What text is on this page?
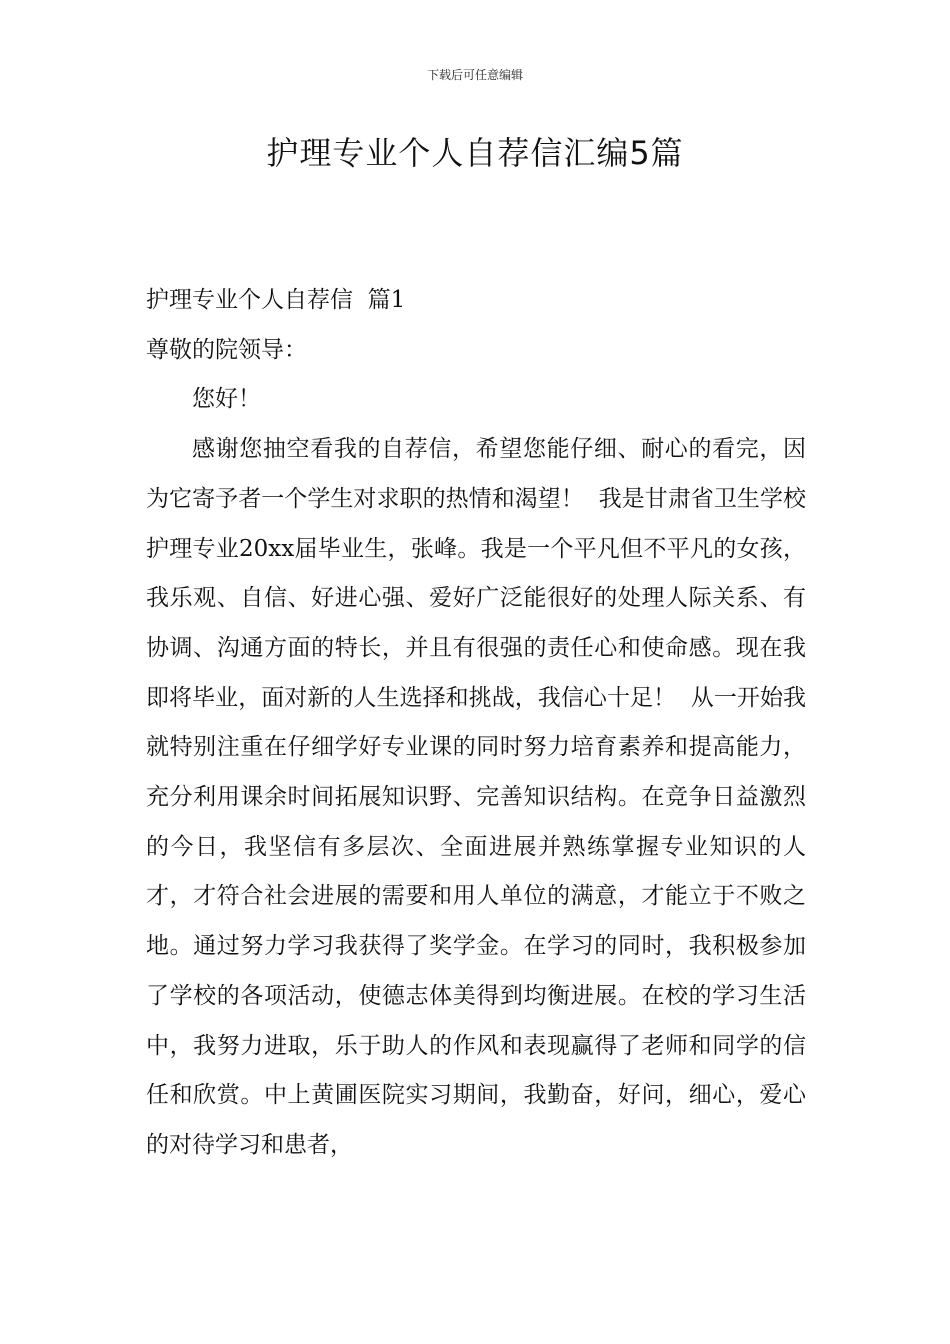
下载后可任意编辑
护理专业个人自荐信汇编5篇

护理专业个人自荐信  篇1

尊敬的院领导：

您好！

感谢您抽空看我的自荐信，希望您能仔细、耐心的看完，因为它寄予者一个学生对求职的热情和渴望！  我是甘肃省卫生学校护理专业20xx届毕业生，张峰。我是一个平凡但不平凡的女孩，我乐观、自信、好进心强、爱好广泛能很好的处理人际关系、有协调、沟通方面的特长，并且有很强的责任心和使命感。现在我即将毕业，面对新的人生选择和挑战，我信心十足！  从一开始我就特别注重在仔细学好专业课的同时努力培育素养和提高能力，充分利用课余时间拓展知识野、完善知识结构。在竞争日益激烈的今日，我坚信有多层次、全面进展并熟练掌握专业知识的人才，才符合社会进展的需要和用人单位的满意，才能立于不败之地。通过努力学习我获得了奖学金。在学习的同时，我积极参加了学校的各项活动，使德志体美得到均衡进展。在校的学习生活中，我努力进取，乐于助人的作风和表现赢得了老师和同学的信任和欣赏。中上黄圃医院实习期间，我勤奋，好问，细心，爱心的对待学习和患者，
